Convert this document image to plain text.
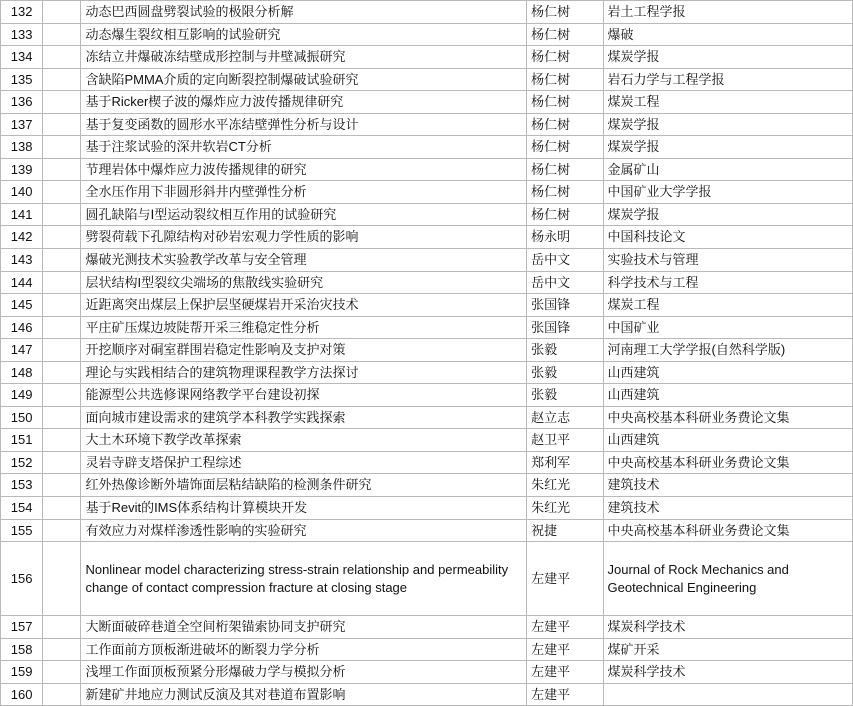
132		动态巴西圆盘劈裂试验的极限分析解	杨仁树	岩土工程学报
133		动态爆生裂纹相互影响的试验研究	杨仁树	爆破
134		冻结立井爆破冻结壁成形控制与井壁减振研究	杨仁树	煤炭学报
135		含缺陷PMMA介质的定向断裂控制爆破试验研究	杨仁树	岩石力学与工程学报
136		基于Ricker楔子波的爆炸应力波传播规律研究	杨仁树	煤炭工程
137		基于复变函数的圆形水平冻结壁弹性分析与设计	杨仁树	煤炭学报
138		基于注浆试验的深井软岩CT分析	杨仁树	煤炭学报
139		节理岩体中爆炸应力波传播规律的研究	杨仁树	金属矿山
140		全水压作用下非圆形斜井内壁弹性分析	杨仁树	中国矿业大学学报
141		圆孔缺陷与Ⅰ型运动裂纹相互作用的试验研究	杨仁树	煤炭学报
142		劈裂荷载下孔隙结构对砂岩宏观力学性质的影响	杨永明	中国科技论文
143		爆破光测技术实验教学改革与安全管理	岳中文	实验技术与管理
144		层状结构I型裂纹尖端场的焦散线实验研究	岳中文	科学技术与工程
145		近距离突出煤层上保护层坚硬煤岩开采治灾技术	张国锋	煤炭工程
146		平庄矿压煤边坡陡帮开采三维稳定性分析	张国锋	中国矿业
147		开挖顺序对硐室群围岩稳定性影响及支护对策	张毅	河南理工大学学报(自然科学版)
148		理论与实践相结合的建筑物理课程教学方法探讨	张毅	山西建筑
149		能源型公共选修课网络教学平台建设初探	张毅	山西建筑
150		面向城市建设需求的建筑学本科教学实践探索	赵立志	中央高校基本科研业务费论文集
151		大土木环境下教学改革探索	赵卫平	山西建筑
152		灵岩寺辟支塔保护工程综述	郑利军	中央高校基本科研业务费论文集
153		红外热像诊断外墙饰面层粘结缺陷的检测条件研究	朱红光	建筑技术
154		基于Revit的IMS体系结构计算模块开发	朱红光	建筑技术
155		有效应力对煤样渗透性影响的实验研究	祝捷	中央高校基本科研业务费论文集
156		Nonlinear model characterizing stress-strain relationship and permeability change of contact compression fracture at closing stage	左建平	Journal of Rock Mechanics and Geotechnical Engineering
157		大断面破碎巷道全空间桁架锚索协同支护研究	左建平	煤炭科学技术
158		工作面前方顶板渐进破坏的断裂力学分析	左建平	煤矿开采
159		浅埋工作面顶板预紧分形爆破力学与模拟分析	左建平	煤炭科学技术
160		新建矿井地应力测试反演及其对巷道布置影响	左建平	
